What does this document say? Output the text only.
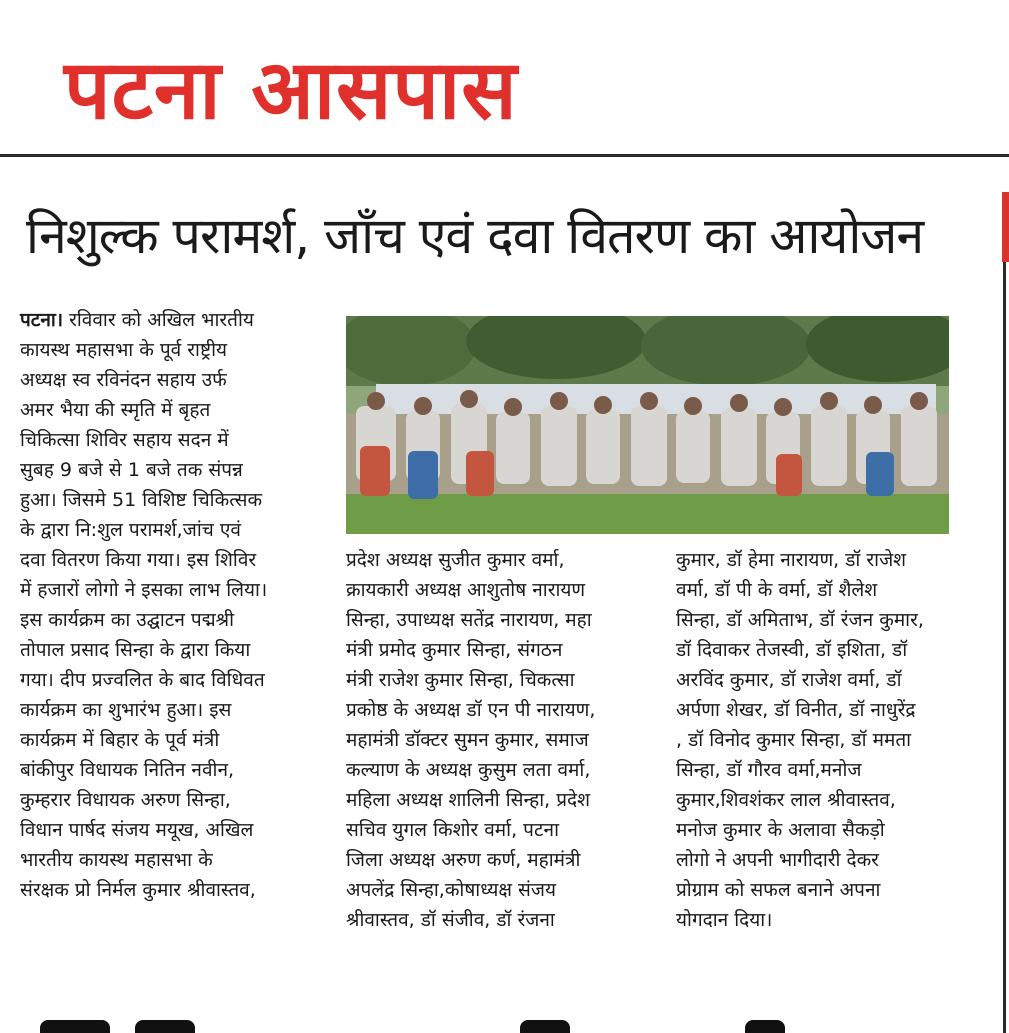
पटना आसपास
निशुल्क परामर्श, जाँच एवं दवा वितरण का आयोजन
पटना। रविवार को अखिल भारतीय
कायस्थ महासभा के पूर्व राष्ट्रीय
अध्यक्ष स्व रविनंदन सहाय उर्फ
अमर भैया की स्मृति में बृहत
चिकित्सा शिविर सहाय सदन में
सुबह 9 बजे से 1 बजे तक संपन्न
हुआ। जिसमे 51 विशिष्ट चिकित्सक
के द्वारा नि:शुल परामर्श,जांच एवं
दवा वितरण किया गया। इस शिविर
में हजारों लोगो ने इसका लाभ लिया।
इस कार्यक्रम का उद्घाटन पद्मश्री
तोपाल प्रसाद सिन्हा के द्वारा किया
गया। दीप प्रज्वलित के बाद विधिवत
कार्यक्रम का शुभारंभ हुआ। इस
कार्यक्रम में बिहार के पूर्व मंत्री
बांकीपुर विधायक नितिन नवीन,
कुम्हरार विधायक अरुण सिन्हा,
विधान पार्षद संजय मयूख, अखिल
भारतीय कायस्थ महासभा के
संरक्षक प्रो निर्मल कुमार श्रीवास्तव,
प्रदेश अध्यक्ष सुजीत कुमार वर्मा,
क्रायकारी अध्यक्ष आशुतोष नारायण
सिन्हा, उपाध्यक्ष सतेंद्र नारायण, महा
मंत्री प्रमोद कुमार सिन्हा, संगठन
मंत्री राजेश कुमार सिन्हा, चिकत्सा
प्रकोष्ठ के अध्यक्ष डॉ एन पी नारायण,
महामंत्री डॉक्टर सुमन कुमार, समाज
कल्याण के अध्यक्ष कुसुम लता वर्मा,
महिला अध्यक्ष शालिनी सिन्हा, प्रदेश
सचिव युगल किशोर वर्मा, पटना
जिला अध्यक्ष अरुण कर्ण, महामंत्री
अपलेंद्र सिन्हा,कोषाध्यक्ष संजय
श्रीवास्तव, डॉ संजीव, डॉ रंजना
कुमार, डॉ हेमा नारायण, डॉ राजेश
वर्मा, डॉ पी के वर्मा, डॉ शैलेश
सिन्हा, डॉ अमिताभ, डॉ रंजन कुमार,
डॉ दिवाकर तेजस्वी, डॉ इशिता, डॉ
अरविंद कुमार, डॉ राजेश वर्मा, डॉ
अर्पणा शेखर, डॉ विनीत, डॉ नाधुरेंद्र
, डॉ विनोद कुमार सिन्हा, डॉ ममता
सिन्हा, डॉ गौरव वर्मा,मनोज
कुमार,शिवशंकर लाल श्रीवास्तव,
मनोज कुमार के अलावा सैकड़ो
लोगो ने अपनी भागीदारी देकर
प्रोग्राम को सफल बनाने अपना
योगदान दिया।
